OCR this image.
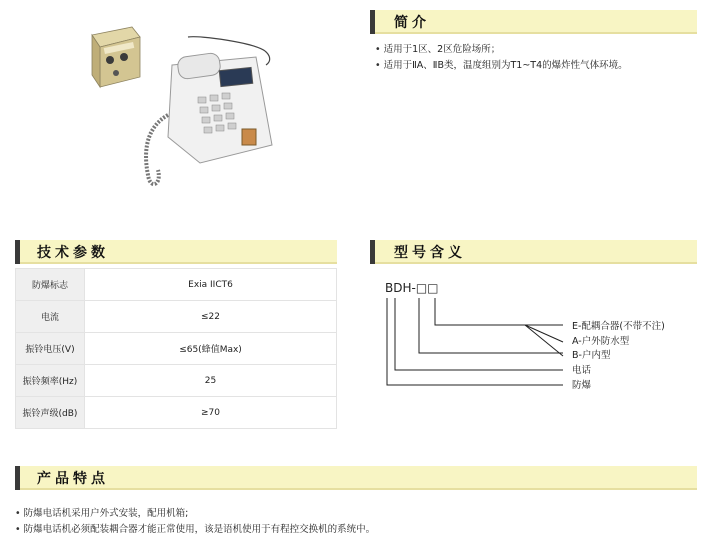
简介
• 适用于1区、2区危险场所；
• 适用于ⅡA、ⅡB类，温度组别为T1~T4的爆炸性气体环境。
技术参数
防爆标志	Exia IICT6
电流	≤22
振铃电压(V)	≤65(蜂值Max)
振铃频率(Hz)	25
振铃声级(dB)	≥70
型号含义
BDH-□□
E-配耦合器(不带不注)
A-户外防水型
B-户内型
电话
防爆
产品特点
• 防爆电话机采用户外式安装，配用机箱;
• 防爆电话机必须配装耦合器才能正常使用，该是语机使用于有程控交换机的系统中。
